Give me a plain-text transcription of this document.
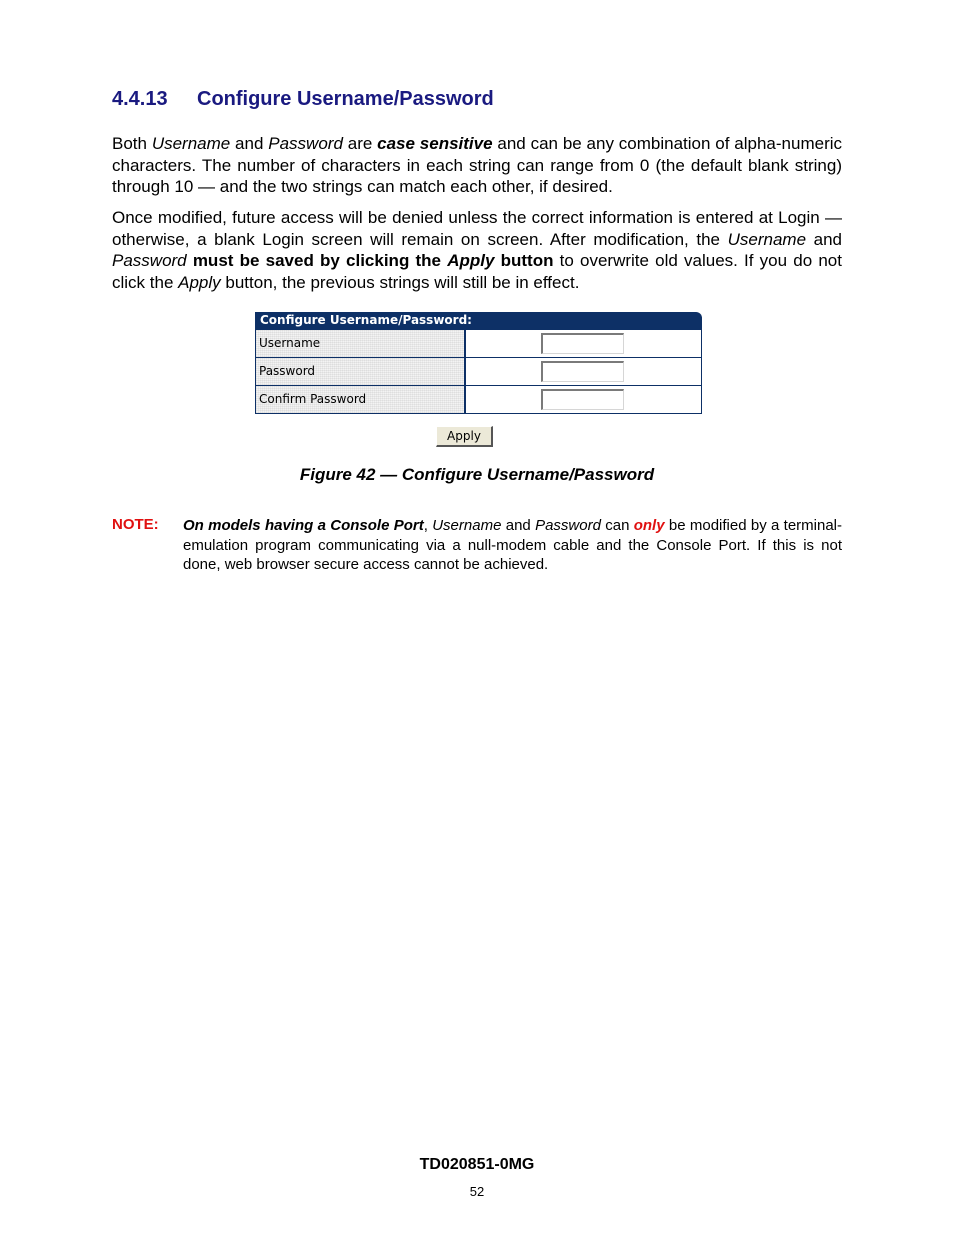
4.4.13 Configure Username/Password

Both Username and Password are case sensitive and can be any combination of alpha-numeric characters. The number of characters in each string can range from 0 (the default blank string) through 10 — and the two strings can match each other, if desired.

Once modified, future access will be denied unless the correct information is entered at Login — otherwise, a blank Login screen will remain on screen. After modification, the Username and Password must be saved by clicking the Apply button to overwrite old values. If you do not click the Apply button, the previous strings will still be in effect.

Configure Username/Password:
Username
Password
Confirm Password
Apply
Figure 42 — Configure Username/Password
NOTE: On models having a Console Port, Username and Password can only be modified by a terminal-emulation program communicating via a null-modem cable and the Console Port. If this is not done, web browser secure access cannot be achieved.

TD020851-0MG
52
